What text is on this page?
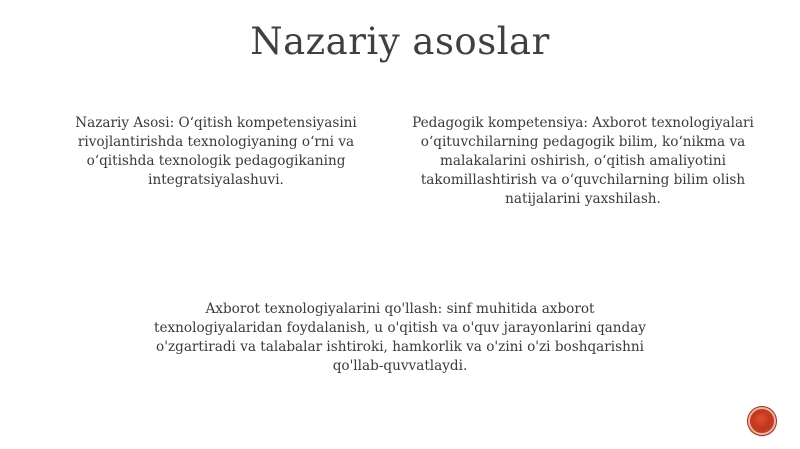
Nazariy asoslar
Nazariy Asosi: O‘qitish kompetensiyasini rivojlantirishda texnologiyaning o‘rni va o‘qitishda texnologik pedagogikaning integratsiyalashuvi.
Pedagogik kompetensiya: Axborot texnologiyalari o‘qituvchilarning pedagogik bilim, ko‘nikma va malakalarini oshirish, o‘qitish amaliyotini takomillashtirish va o‘quvchilarning bilim olish natijalarini yaxshilash.
Axborot texnologiyalarini qo'llash: sinf muhitida axborot texnologiyalaridan foydalanish, u o'qitish va o'quv jarayonlarini qanday o'zgartiradi va talabalar ishtiroki, hamkorlik va o'zini o'zi boshqarishni qo'llab-quvvatlaydi.
